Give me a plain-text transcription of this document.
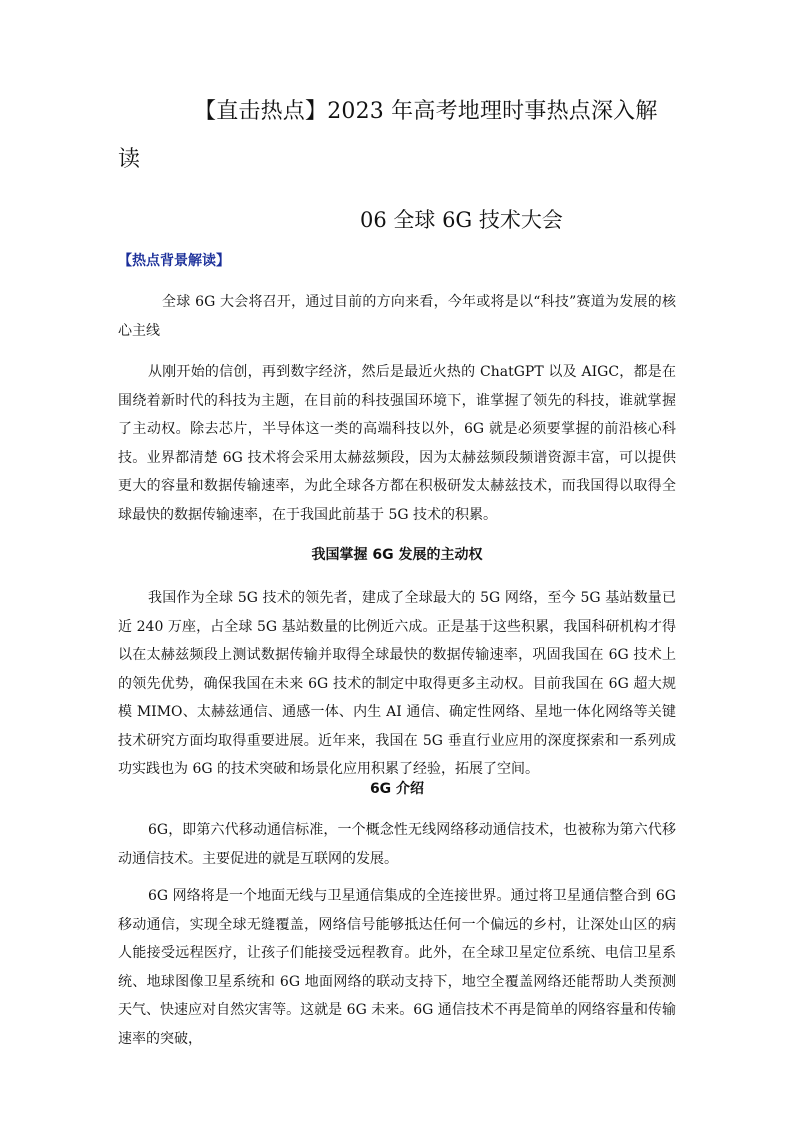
【直击热点】2023 年高考地理时事热点深入解
读
06 全球 6G 技术大会
【热点背景解读】

全球 6G 大会将召开，通过目前的方向来看，今年或将是以“科技”赛道为发展的核心主线

从刚开始的信创，再到数字经济，然后是最近火热的 ChatGPT 以及 AIGC，都是在围绕着新时代的科技为主题，在目前的科技强国环境下，谁掌握了领先的科技，谁就掌握了主动权。除去芯片，半导体这一类的高端科技以外，6G 就是必须要掌握的前沿核心科技。业界都清楚 6G 技术将会采用太赫兹频段，因为太赫兹频段频谱资源丰富，可以提供更大的容量和数据传输速率，为此全球各方都在积极研发太赫兹技术，而我国得以取得全球最快的数据传输速率，在于我国此前基于 5G 技术的积累。

我国掌握 6G 发展的主动权

我国作为全球 5G 技术的领先者，建成了全球最大的 5G 网络，至今 5G 基站数量已近 240 万座，占全球 5G 基站数量的比例近六成。正是基于这些积累，我国科研机构才得以在太赫兹频段上测试数据传输并取得全球最快的数据传输速率，巩固我国在 6G 技术上的领先优势，确保我国在未来 6G 技术的制定中取得更多主动权。目前我国在 6G 超大规模 MIMO、太赫兹通信、通感一体、内生 AI 通信、确定性网络、星地一体化网络等关键技术研究方面均取得重要进展。近年来，我国在 5G 垂直行业应用的深度探索和一系列成功实践也为 6G 的技术突破和场景化应用积累了经验，拓展了空间。

6G 介绍

6G，即第六代移动通信标准，一个概念性无线网络移动通信技术，也被称为第六代移动通信技术。主要促进的就是互联网的发展。

6G 网络将是一个地面无线与卫星通信集成的全连接世界。通过将卫星通信整合到 6G 移动通信，实现全球无缝覆盖，网络信号能够抵达任何一个偏远的乡村，让深处山区的病人能接受远程医疗，让孩子们能接受远程教育。此外，在全球卫星定位系统、电信卫星系统、地球图像卫星系统和 6G 地面网络的联动支持下，地空全覆盖网络还能帮助人类预测天气、快速应对自然灾害等。这就是 6G 未来。6G 通信技术不再是简单的网络容量和传输速率的突破，
